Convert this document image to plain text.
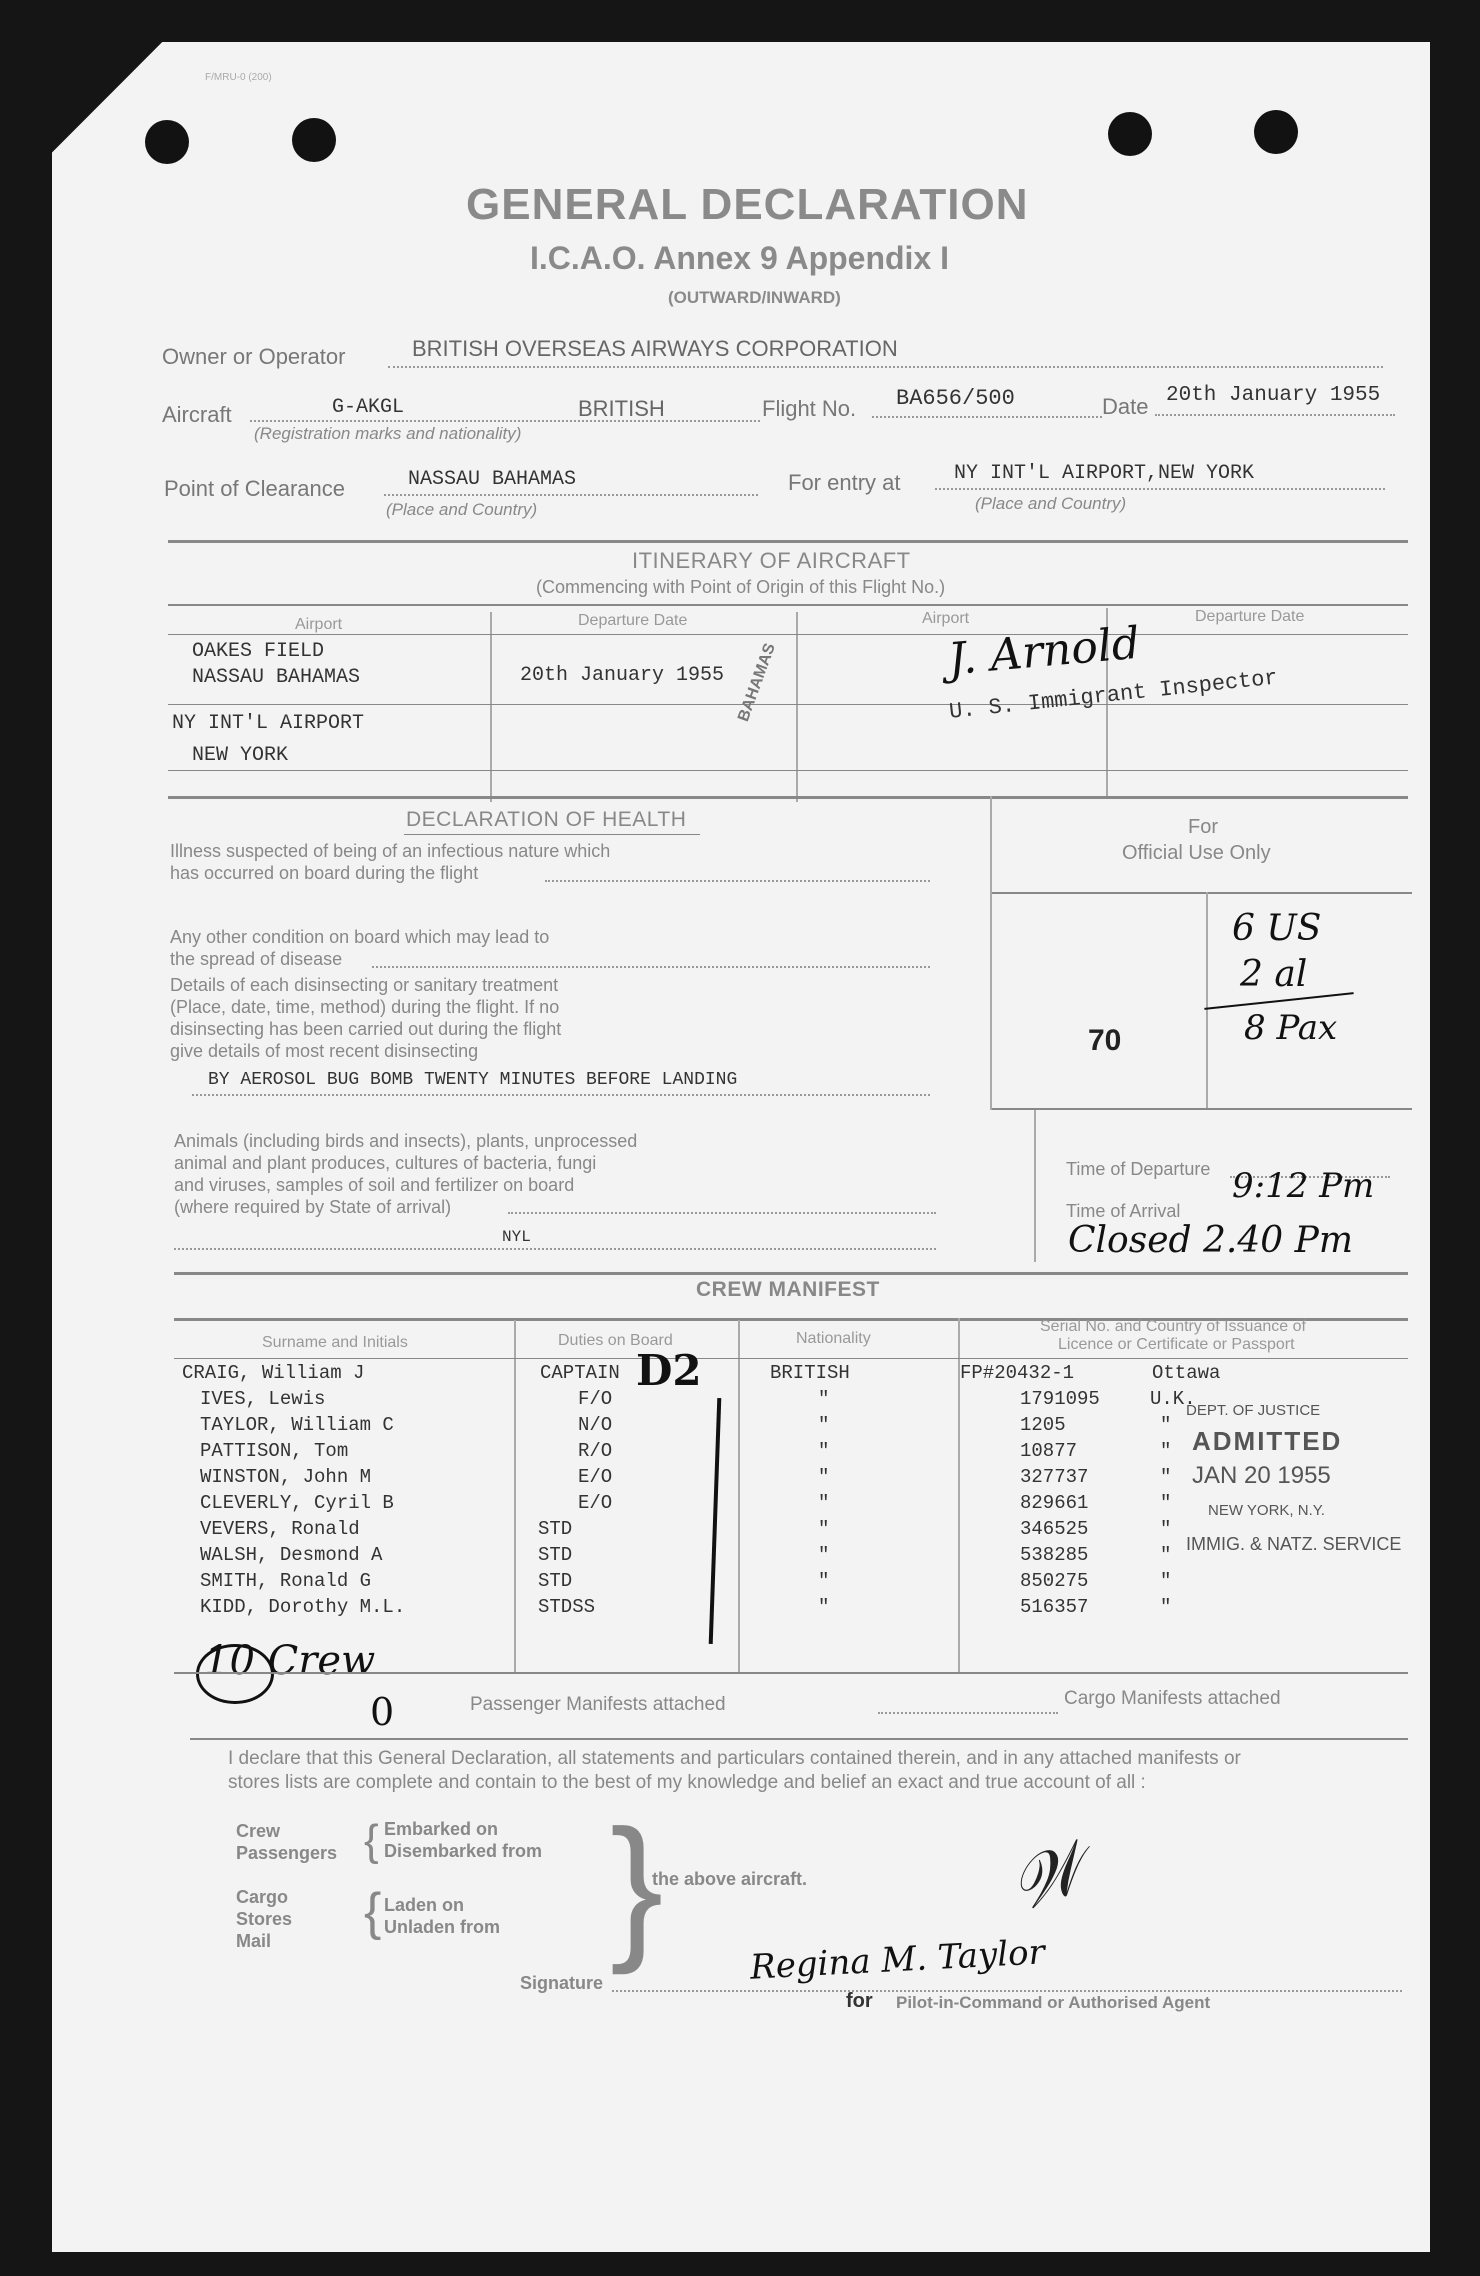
F/MRU-0 (200)
GENERAL DECLARATION
I.C.A.O. Annex 9 Appendix I
(OUTWARD/INWARD)
Owner or Operator	BRITISH OVERSEAS AIRWAYS CORPORATION
Aircraft	G-AKGL	BRITISH
(Registration marks and nationality)
Flight No. BA656/500	Date 20th January 1955
Point of Clearance	NASSAU BAHAMAS
(Place and Country)
For entry at	NY INT'L AIRPORT,NEW YORK
(Place and Country)
ITINERARY OF AIRCRAFT
(Commencing with Point of Origin of this Flight No.)
Airport	Departure Date	Airport	Departure Date
OAKES FIELD
NASSAU BAHAMAS	20th January 1955
NY INT'L AIRPORT
NEW YORK
J. Arnold
U. S. Immigrant Inspector
BAHAMAS
DECLARATION OF HEALTH
Illness suspected of being of an infectious nature which
has occurred on board during the flight
Any other condition on board which may lead to
the spread of disease
Details of each disinsecting or sanitary treatment
(Place, date, time, method) during the flight. If no
disinsecting has been carried out during the flight
give details of most recent disinsecting
BY AEROSOL BUG BOMB TWENTY MINUTES BEFORE LANDING
For
Official Use Only
70
6 US
2 al
8 Pax
Animals (including birds and insects), plants, unprocessed
animal and plant produces, cultures of bacteria, fungi
and viruses, samples of soil and fertilizer on board
(where required by State of arrival)
NYL
Time of Departure
Time of Arrival
9:12 Pm
Closed 2.40 Pm
CREW MANIFEST
Surname and Initials	Duties on Board	Nationality
Serial No. and Country of Issuance of
Licence or Certificate or Passport
CRAIG, William J	CAPTAIN	BRITISH	FP#20432-1	Ottawa
IVES, Lewis	F/O	"	1791095	U.K.
TAYLOR, William C	N/O	"	1205	"
PATTISON, Tom	R/O	"	10877	"
WINSTON, John M	E/O	"	327737	"
CLEVERLY, Cyril B	E/O	"	829661	"
VEVERS, Ronald	STD	"	346525	"
WALSH, Desmond A	STD	"	538285	"
SMITH, Ronald G	STD	"	850275	"
KIDD, Dorothy M.L.	STDSS	"	516357	"
D2
10 Crew
DEPT. OF JUSTICE
ADMITTED
JAN 20 1955
NEW YORK, N.Y.
IMMIG. & NATZ. SERVICE
0	Passenger Manifests attached	Cargo Manifests attached
I declare that this General Declaration, all statements and particulars contained therein, and in any attached manifests or
stores lists are complete and contain to the best of my knowledge and belief an exact and true account of all :
Crew
Passengers { Embarked on
Disembarked from
Cargo
Stores
Mail { Laden on
Unladen from }
the above aircraft.
Signature	Regina M. Taylor
𝒲
for Pilot-in-Command or Authorised Agent
